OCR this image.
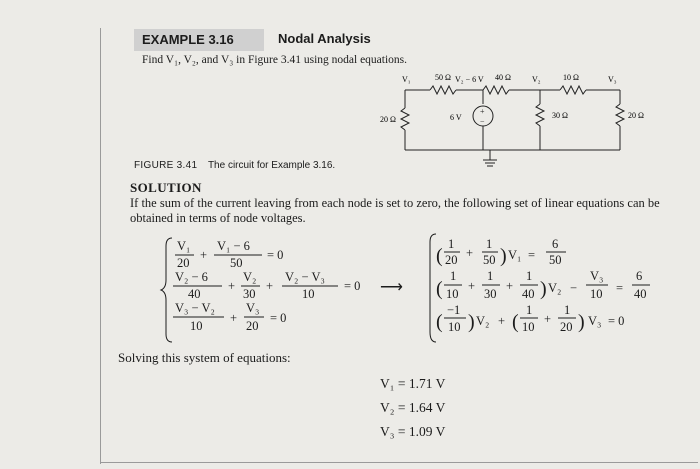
EXAMPLE 3.16	Nodal Analysis
Find V₁, V₂, and V₃ in Figure 3.41 using nodal equations.
+
−
V₁	V₂	V₃
50 Ω V₂ − 6 V 40 Ω	10 Ω
20 Ω	6 V	30 Ω	20 Ω
FIGURE 3.41 The circuit for Example 3.16.
SOLUTION
If the sum of the current leaving from each node is set to zero, the following set of linear equations can be obtained in terms of node voltages.
V₁
20
+
V₁ − 6
50
= 0
V₂ − 6
40
+
V₂
30
+
V₂ − V₃
10
= 0 ⟶
V₃ − V₂
10
+
V₃
20
= 0
(
1
20 +
1
50 ) V₁ =
6
50
(
1
10
+
1
30
+
1
40 ) V₂ −
V₃
10 =
6
40
(
−1
10 ) V₂ + (
1
10
+
1
20 ) V₃ = 0
Solving this system of equations:
V₁ = 1.71 V
V₂ = 1.64 V
V₃ = 1.09 V
